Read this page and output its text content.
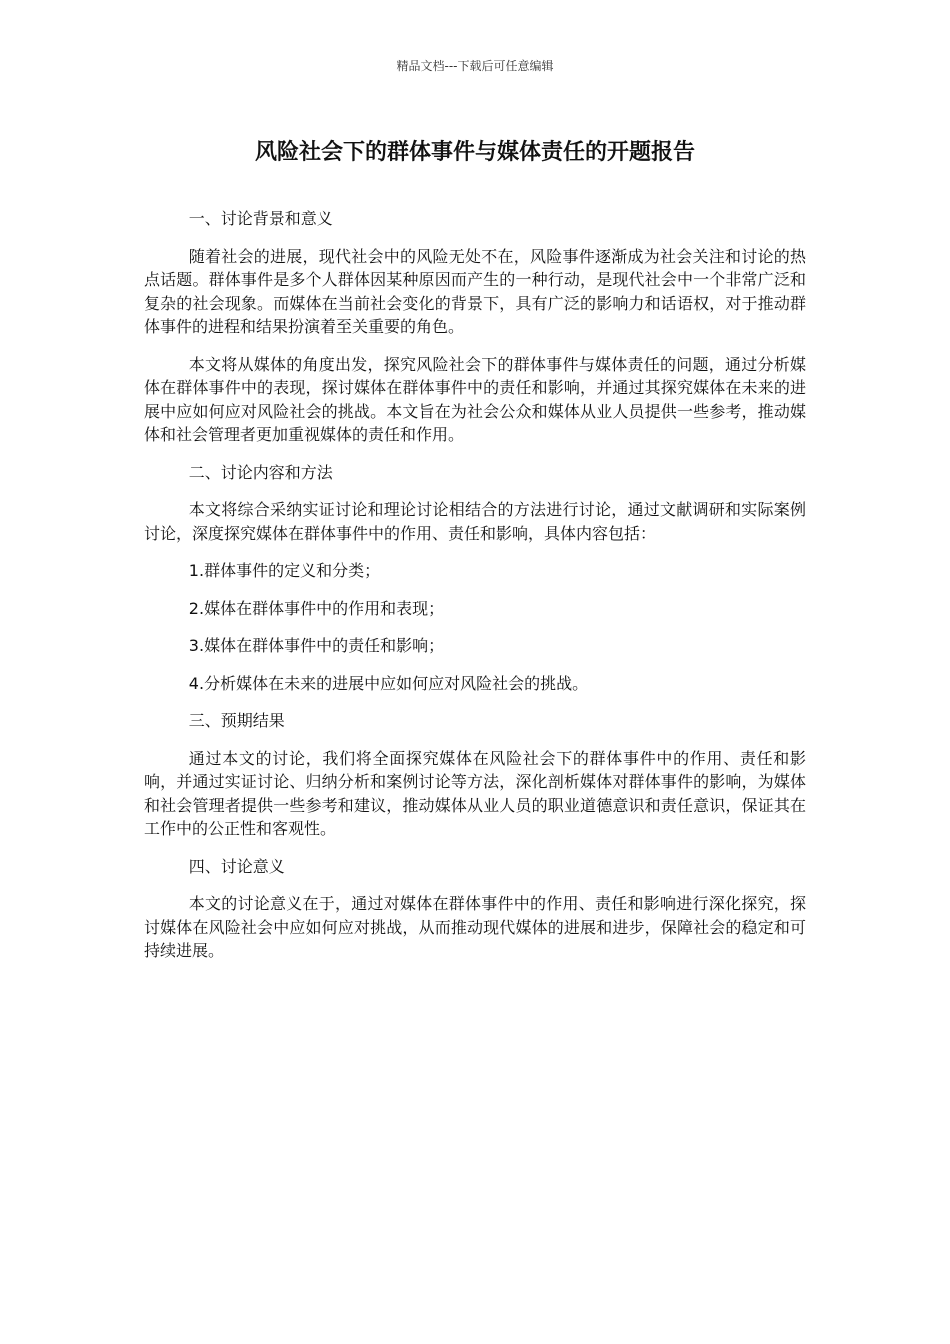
精品文档---下载后可任意编辑
风险社会下的群体事件与媒体责任的开题报告

一、讨论背景和意义

随着社会的进展，现代社会中的风险无处不在，风险事件逐渐成为社会关注和讨论的热点话题。群体事件是多个人群体因某种原因而产生的一种行动，是现代社会中一个非常广泛和复杂的社会现象。而媒体在当前社会变化的背景下，具有广泛的影响力和话语权，对于推动群体事件的进程和结果扮演着至关重要的角色。

本文将从媒体的角度出发，探究风险社会下的群体事件与媒体责任的问题，通过分析媒体在群体事件中的表现，探讨媒体在群体事件中的责任和影响，并通过其探究媒体在未来的进展中应如何应对风险社会的挑战。本文旨在为社会公众和媒体从业人员提供一些参考，推动媒体和社会管理者更加重视媒体的责任和作用。

二、讨论内容和方法

本文将综合采纳实证讨论和理论讨论相结合的方法进行讨论，通过文献调研和实际案例讨论，深度探究媒体在群体事件中的作用、责任和影响，具体内容包括：

1.群体事件的定义和分类；

2.媒体在群体事件中的作用和表现；

3.媒体在群体事件中的责任和影响；

4.分析媒体在未来的进展中应如何应对风险社会的挑战。

三、预期结果

通过本文的讨论，我们将全面探究媒体在风险社会下的群体事件中的作用、责任和影响，并通过实证讨论、归纳分析和案例讨论等方法，深化剖析媒体对群体事件的影响，为媒体和社会管理者提供一些参考和建议，推动媒体从业人员的职业道德意识和责任意识，保证其在工作中的公正性和客观性。

四、讨论意义

本文的讨论意义在于，通过对媒体在群体事件中的作用、责任和影响进行深化探究，探讨媒体在风险社会中应如何应对挑战，从而推动现代媒体的进展和进步，保障社会的稳定和可持续进展。
